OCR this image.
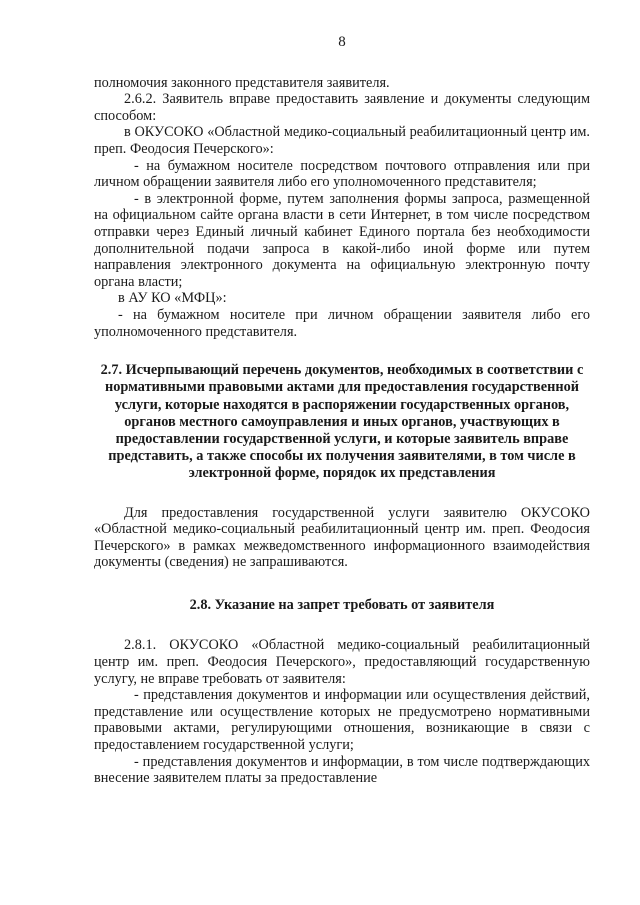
8

полномочия законного представителя заявителя.

2.6.2. Заявитель вправе предоставить заявление и документы следующим способом:

в ОКУСОКО «Областной медико-социальный реабилитационный центр им. преп. Феодосия Печерского»:

- на бумажном носителе посредством почтового отправления или при личном обращении заявителя либо его уполномоченного представителя;

- в электронной форме, путем заполнения формы запроса, размещенной на официальном сайте органа власти в сети Интернет, в том числе посредством отправки через Единый личный кабинет Единого портала без необходимости дополнительной подачи запроса в какой-либо иной форме или путем направления электронного документа на официальную электронную почту органа власти;

в АУ КО «МФЦ»:

- на бумажном носителе при личном обращении заявителя либо его уполномоченного представителя.

2.7. Исчерпывающий перечень документов, необходимых в соответствии с нормативными правовыми актами для предоставления государственной услуги, которые находятся в распоряжении государственных органов, органов местного самоуправления и иных органов, участвующих в предоставлении государственной услуги, и которые заявитель вправе представить, а также способы их получения заявителями, в том числе в электронной форме, порядок их представления

Для предоставления государственной услуги заявителю ОКУСОКО «Областной медико-социальный реабилитационный центр им. преп. Феодосия Печерского» в рамках межведомственного информационного взаимодействия документы (сведения) не запрашиваются.

2.8. Указание на запрет требовать от заявителя

2.8.1. ОКУСОКО «Областной медико-социальный реабилитационный центр им. преп. Феодосия Печерского», предоставляющий государственную услугу, не вправе требовать от заявителя:

- представления документов и информации или осуществления действий, представление или осуществление которых не предусмотрено нормативными правовыми актами, регулирующими отношения, возникающие в связи с предоставлением государственной услуги;

- представления документов и информации, в том числе подтверждающих внесение заявителем платы за предоставление
